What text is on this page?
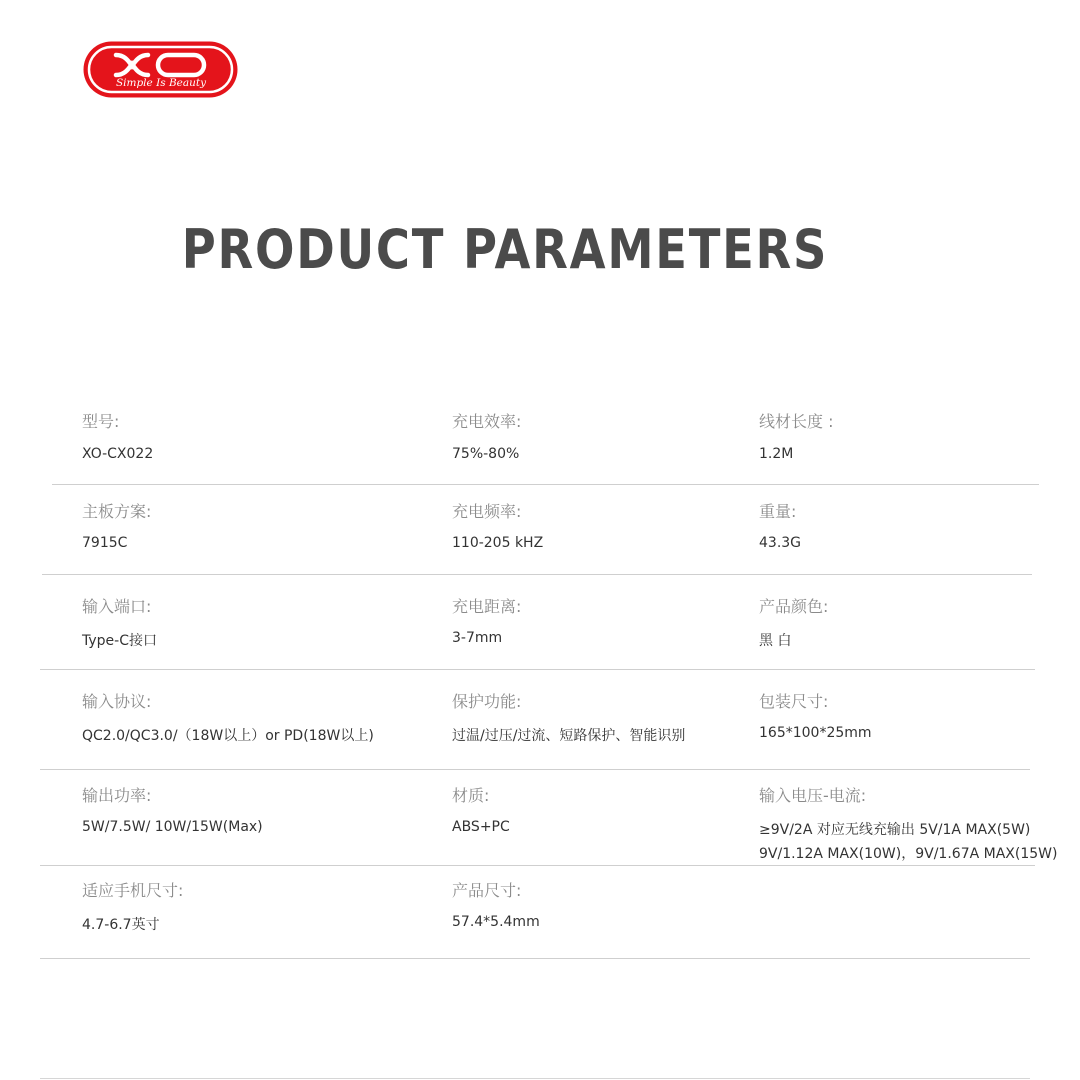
Simple Is Beauty
PRODUCT PARAMETERS
型号:
XO-CX022
充电效率:
75%-80%
线材长度 :
1.2M
主板方案:
7915C
充电频率:
110-205 kHZ
重量:
43.3G
输入端口:
Type-C接口
充电距离:
3-7mm
产品颜色:
黑 白
输入协议:
QC2.0/QC3.0/（18W以上）or PD(18W以上)
保护功能:
过温/过压/过流、短路保护、智能识别
包装尺寸:
165*100*25mm
输出功率:
5W/7.5W/ 10W/15W(Max)
材质:
ABS+PC
输入电压-电流:
≥9V/2A 对应无线充输出 5V/1A MAX(5W)
9V/1.12A MAX(10W)，9V/1.67A MAX(15W)
适应手机尺寸:
4.7-6.7英寸
产品尺寸:
57.4*5.4mm
